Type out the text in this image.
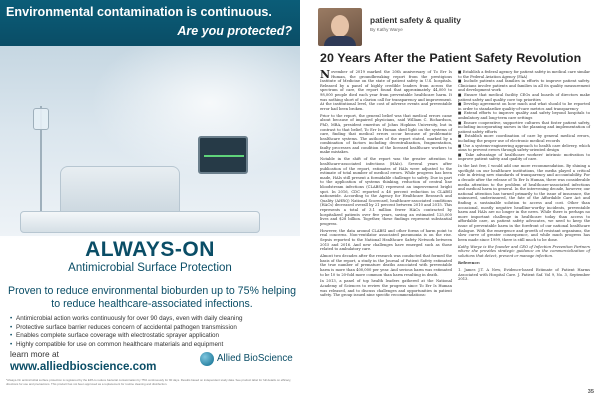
Environmental contamination is continuous.
Are you protected?
ALWAYS-ON
Antimicrobial Surface Protection
Proven to reduce environmental bioburden up to 75% helping to reduce healthcare-associated infections.
• Antimicrobial action works continuously for over 90 days, even with daily cleaning
• Protective surface barrier reduces concern of accidental pathogen transmission
• Enables complete surface coverage with electrostatic sprayer application
• Highly compatible for use on common healthcare materials and equipment
learn more at
www.alliedbioscience.com
Allied BioScience
*Always-On antimicrobial surface protection is registered by the EPA to reduce bacterial contamination by 75% continuously for 90 days. Results based on independent study data. See product label for full details on efficacy, directions for use and precautions. This product has not been approved as a replacement for routine cleaning and disinfection.
patient safety & quality
By Kathy Warye
20 Years After the Patient Safety Revolution

November of 2019 marked the 20th anniversary of To Err Is Human, the groundbreaking report from the prestigious Institute of Medicine on the state of patient safety in U.S. hospitals. Released by a panel of highly credible leaders from across the spectrum of care, the report found that approximately 44,000 to 98,000 people died each year from preventable healthcare harm. It was nothing short of a clarion call for transparency and improvement. At the institutional level, the cost of adverse events and preventable error had been broken.

Prior to the report, the general belief was that medical errors came about because of impaired physicians, said William C. Richardson, PhD, MBA, president emeritus of Johns Hopkins University, but in contrast to that belief, To Err Is Human shed light on the systems of care, finding that medical errors occur because of problematic healthcare systems. The authors of the report stated, marked by a combination of factors including decentralization, fragmentation, faulty processes and condition of the licensed healthcare workers to make mistakes.

Notable in the shift of the report was the greater attention to healthcare-associated infections (HAIs). Several years after publication of the report, estimates of HAIs were adjusted to the estimate of total number of medical errors. While progress has been made, HAIs still present a formidable challenge to safety. Due in part to the application of systems thinking, reduction of central line bloodstream infections (CLABSI) represent an improvement bright spot. In 2016, CDC reported a 46 percent reduction in CLABSI nationwide. According to the Agency for Healthcare Research and Quality (AHRQ) National Scorecard, healthcare-associated conditions (HACs) decreased overall by 21 percent between 2010 and 2015. This represents a total of 3.1 million fewer HACs contracted by hospitalized patients over five years, saving an estimated 125,000 lives and $28 billion. Together, these findings represent substantial progress.

However, the data around CLABSI and other forms of harm point to real concerns. Non-ventilator associated pneumonia is on the rise. Sepsis reported to the National Healthcare Safety Network between 2015 and 2016. And new challenges have emerged such as those related to ambulatory care.

Almost two decades after the research was conducted that formed the basis of the report, a study in the Journal of Patient Safety estimated the true number of premature deaths associated with preventable harm is more than 400,000 per year. And serious harm was estimated to be 10 to 20-fold more common than harm resulting in death.

In 2013, a panel of top health leaders gathered at the National Academy of Sciences to review the progress since To Err Is Human was released, and to discuss challenges and opportunities in patient safety. The group issued nine specific recommendations:

■ Establish a federal agency for patient safety in medical care similar to the Federal Aviation Agency (FAA)
■ Include patients and families in efforts to improve patient safety. Clinicians involve patients and families in all its quality measurement and development work
■ Ensure that medical facility CEOs and boards of directors make patient safety and quality core top priorities
■ Develop agreement on how much and what should to be reported in order to standardize quality-of-care metrics and transparency
■ Extend efforts to improve quality and safety beyond hospitals to ambulatory and long-term care settings
■ Ensure cooperative, supportive cultures that foster patient safety, including incorporating nurses in the planning and implementation of patient safety efforts
■ Establish more coordination of care by general medical errors, including the proper use of electronic medical records
■ Use a systems-engineering approach to health care delivery, which aims to prevent errors through safety-oriented design
■ Take advantage of healthcare workers' intrinsic motivation to improve patient safety and quality of care.

In the last few, I would add one more recommendation. By shining a spotlight on our healthcare institutions, the media played a critical role in driving new standards of transparency and accountability. For a decade after the release of To Err Is Human, there was considerable media attention to the problem of healthcare-associated infections and medical harm in general. In the intervening decade, however, our national attention has turned primarily to the issue of insurance, the uninsured, underinsured, the fate of the Affordable Care Act and finding a sustainable solution to access and cost. Other than occasional, mostly negative headline-worthy incidents, preventable harm and HAIs are no longer in the news. While there is perhaps no more important challenge in healthcare today than access to affordable care, as patient safety advocates, we need to keep the issue of preventable harm in the forefront of our national healthcare dialogue. With the emergence and growth of resistant organisms, the slow curve of greater consequence, and while much progress has been made since 1999, there is still much to be done.

Kathy Warye is the founder and CEO of Infection Prevention Partners where she provides strategic guidance on the commercialization of solutions that detect, prevent or manage infection.

Reference:

1. James J.T. A New, Evidence-based Estimate of Patient Harms Associated with Hospital Care. J. Patient Saf. Vol 9, No. 3, September 2013.

35
